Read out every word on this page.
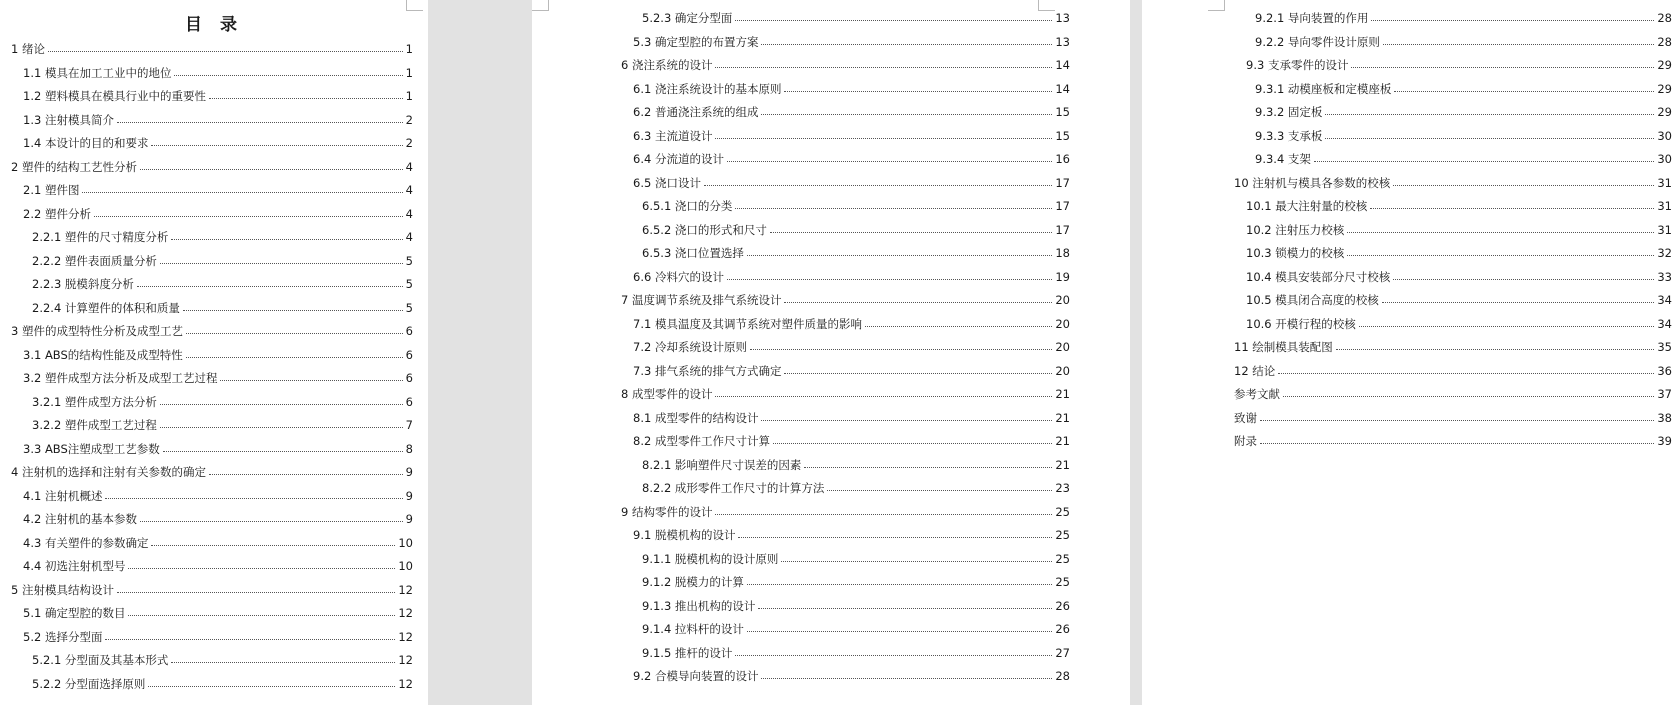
目 录
1 绪论	1
1.1 模具在加工工业中的地位	1
1.2 塑料模具在模具行业中的重要性	1
1.3 注射模具简介	2
1.4 本设计的目的和要求	2
2 塑件的结构工艺性分析	4
2.1 塑件图	4
2.2 塑件分析	4
2.2.1 塑件的尺寸精度分析	4
2.2.2 塑件表面质量分析	5
2.2.3 脱模斜度分析	5
2.2.4 计算塑件的体积和质量	5
3 塑件的成型特性分析及成型工艺	6
3.1 ABS的结构性能及成型特性	6
3.2 塑件成型方法分析及成型工艺过程	6
3.2.1 塑件成型方法分析	6
3.2.2 塑件成型工艺过程	7
3.3 ABS注塑成型工艺参数	8
4 注射机的选择和注射有关参数的确定	9
4.1 注射机概述	9
4.2 注射机的基本参数	9
4.3 有关塑件的参数确定	10
4.4 初选注射机型号	10
5 注射模具结构设计	12
5.1 确定型腔的数目	12
5.2 选择分型面	12
5.2.1 分型面及其基本形式	12
5.2.2 分型面选择原则	12
5.2.3 确定分型面	13
5.3 确定型腔的布置方案	13
6 浇注系统的设计	14
6.1 浇注系统设计的基本原则	14
6.2 普通浇注系统的组成	15
6.3 主流道设计	15
6.4 分流道的设计	16
6.5 浇口设计	17
6.5.1 浇口的分类	17
6.5.2 浇口的形式和尺寸	17
6.5.3 浇口位置选择	18
6.6 冷料穴的设计	19
7 温度调节系统及排气系统设计	20
7.1 模具温度及其调节系统对塑件质量的影响	20
7.2 冷却系统设计原则	20
7.3 排气系统的排气方式确定	20
8 成型零件的设计	21
8.1 成型零件的结构设计	21
8.2 成型零件工作尺寸计算	21
8.2.1 影响塑件尺寸误差的因素	21
8.2.2 成形零件工作尺寸的计算方法	23
9 结构零件的设计	25
9.1 脱模机构的设计	25
9.1.1 脱模机构的设计原则	25
9.1.2 脱模力的计算	25
9.1.3 推出机构的设计	26
9.1.4 拉料杆的设计	26
9.1.5 推杆的设计	27
9.2 合模导向装置的设计	28
9.2.1 导向装置的作用	28
9.2.2 导向零件设计原则	28
9.3 支承零件的设计	29
9.3.1 动模座板和定模座板	29
9.3.2 固定板	29
9.3.3 支承板	30
9.3.4 支架	30
10 注射机与模具各参数的校核	31
10.1 最大注射量的校核	31
10.2 注射压力校核	31
10.3 锁模力的校核	32
10.4 模具安装部分尺寸校核	33
10.5 模具闭合高度的校核	34
10.6 开模行程的校核	34
11 绘制模具装配图	35
12 结论	36
参考文献	37
致谢	38
附录	39
